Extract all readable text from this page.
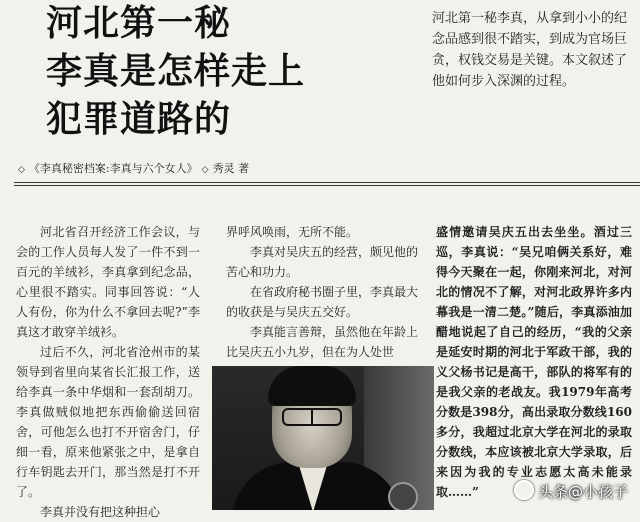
河北第一秘
李真是怎样走上
犯罪道路的
河北第一秘李真，从拿到小小的纪念品感到很不踏实，到成为官场巨贪，权钱交易是关键。本文叙述了他如何步入深渊的过程。
◇ 《李真秘密档案:李真与六个女人》 ◇ 秀灵 著

河北省召开经济工作会议，与会的工作人员每人发了一件不到一百元的羊绒衫，李真拿到纪念品，心里很不踏实。同事回答说：“人人有份，你为什么不拿回去呢?”李真这才敢穿羊绒衫。

过后不久，河北省沧州市的某领导到省里向某省长汇报工作，送给李真一条中华烟和一套刮胡刀。李真做贼似地把东西偷偷送回宿舍，可他怎么也打不开宿舍门，仔细一看，原来他紧张之中，是拿自行车钥匙去开门，那当然是打不开了。

李真并没有把这种担心

界呼风唤雨，无所不能。

李真对吴庆五的经营，颇见他的苦心和功力。

在省政府秘书圈子里，李真最大的收获是与吴庆五交好。

李真能言善辩，虽然他在年龄上比吴庆五小九岁，但在为人处世

盛情邀请吴庆五出去坐坐。酒过三巡，李真说：“吴兄咱俩关系好，难得今天聚在一起，你刚来河北，对河北的情况不了解，对河北政界许多内幕我是一清二楚。”随后，李真添油加醋地说起了自己的经历，“我的父亲是延安时期的河北于军政干部，我的义父杨书记是高干，部队的将军有的是我父亲的老战友。我1979年高考分数是398分，高出录取分数线160多分，我超过北京大学在河北的录取分数线，本应该被北京大学录取，后来因为我的专业志愿太高未能录取……”	头条@小孩子
